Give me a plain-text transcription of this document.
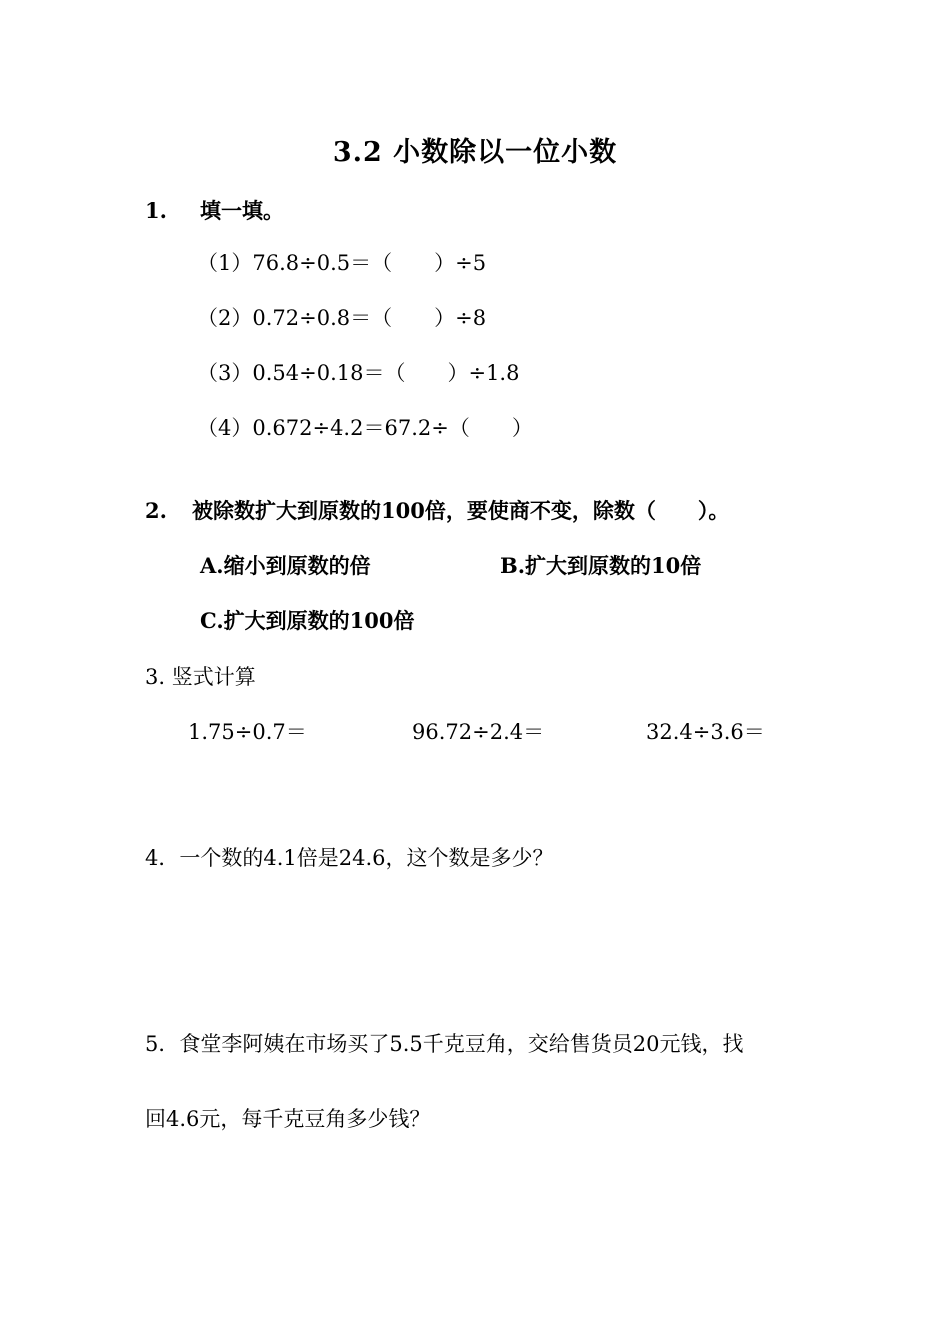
3.2 小数除以一位小数
1. 填一填。
（1）76.8÷0.5＝（　　）÷5
（2）0.72÷0.8＝（　　）÷8
（3）0.54÷0.18＝（　　）÷1.8
（4）0.672÷4.2＝67.2÷（　　）
2. 被除数扩大到原数的100倍，要使商不变，除数（　　）。
A.缩小到原数的倍	B.扩大到原数的10倍
C.扩大到原数的100倍
3. 竖式计算
1.75÷0.7＝	96.72÷2.4＝	32.4÷3.6＝
4．一个数的4.1倍是24.6，这个数是多少？
5．食堂李阿姨在市场买了5.5千克豆角，交给售货员20元钱，找
回4.6元，每千克豆角多少钱？
